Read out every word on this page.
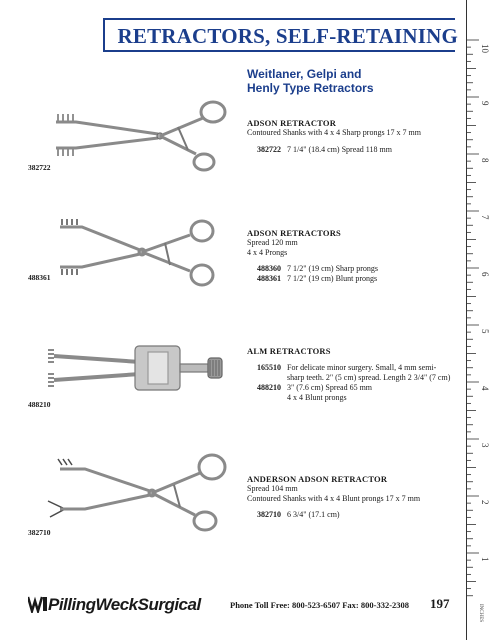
RETRACTORS, SELF-RETAINING
Weitlaner, Gelpi and
Henly Type Retractors
382722
ADSON RETRACTOR
Contoured Shanks with 4 x 4 Sharp prongs 17 x 7 mm
382722 7 1/4" (18.4 cm) Spread 118 mm
488361
ADSON RETRACTORS
Spread 120 mm
4 x 4 Prongs
488360 7 1/2" (19 cm) Sharp prongs
488361 7 1/2" (19 cm) Blunt prongs
488210
ALM RETRACTORS
165510 For delicate minor surgery. Small, 4 mm semi-
sharp teeth. 2" (5 cm) spread. Length 2 3/4" (7 cm)
488210 3" (7.6 cm) Spread 65 mm
4 x 4 Blunt prongs
382710
ANDERSON ADSON RETRACTOR
Spread 104 mm
Contoured Shanks with 4 x 4 Blunt prongs 17 x 7 mm
382710 6 3/4" (17.1 cm)
10
9
8
7
6
5
4
3
2
1
INCHES
PillingWeckSurgical	Phone Toll Free: 800-523-6507 Fax: 800-332-2308 197
